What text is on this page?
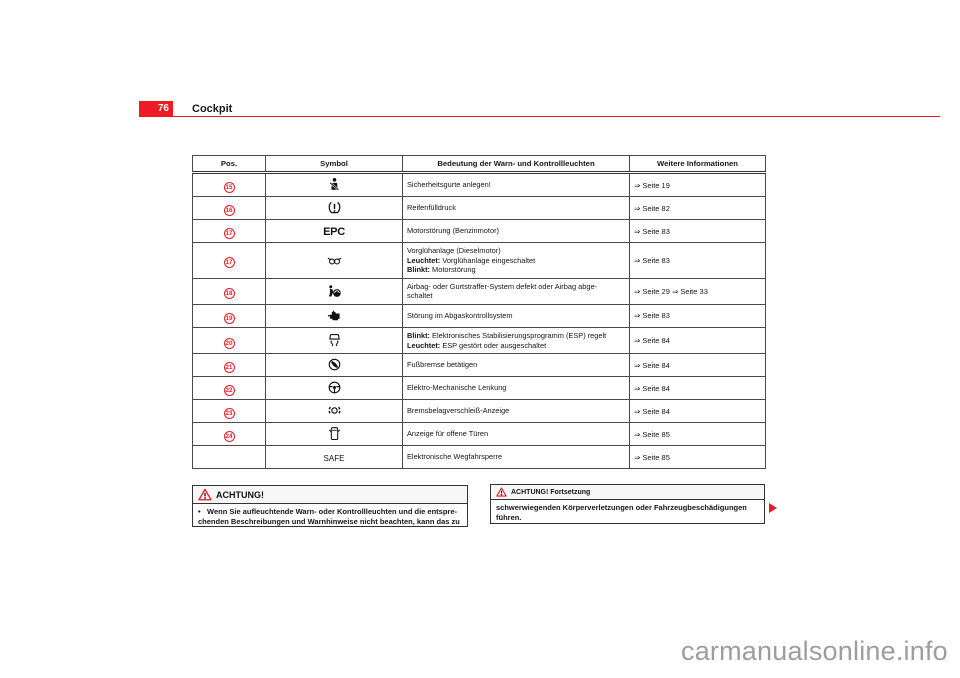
76	Cockpit
Pos.	Symbol	Bedeutung der Warn- und Kontrollleuchten	Weitere Informationen
15		Sicherheitsgurte anlegen!	⇒ Seite 19
16		Reifenfülldruck	⇒ Seite 82
17	EPC	Motorstörung (Benzinmotor)	⇒ Seite 83
17		Vorglühanlage (Dieselmotor)
Leuchtet: Vorglühanlage eingeschaltet
Blinkt: Motorstörung	⇒ Seite 83
18		Airbag- oder Gurtstraffer-System defekt oder Airbag abge-
schaltet	⇒ Seite 29 ⇒ Seite 33
19		Störung im Abgaskontrollsystem	⇒ Seite 83
20		Blinkt: Elektronisches Stabilisierungsprogramm (ESP) regelt
Leuchtet: ESP gestört oder ausgeschaltet	⇒ Seite 84
21		Fußbremse betätigen	⇒ Seite 84
22		Elektro-Mechanische Lenkung	⇒ Seite 84
23		Bremsbelagverschleiß-Anzeige	⇒ Seite 84
24		Anzeige für offene Türen	⇒ Seite 85
	SAFE	Elektronische Wegfahrsperre	⇒ Seite 85
ACHTUNG!
• Wenn Sie aufleuchtende Warn- oder Kontrollleuchten und die entspre-
chenden Beschreibungen und Warnhinweise nicht beachten, kann das zu
ACHTUNG! Fortsetzung
schwerwiegenden Körperverletzungen oder Fahrzeugbeschädigungen
führen.
carmanualsonline.info
